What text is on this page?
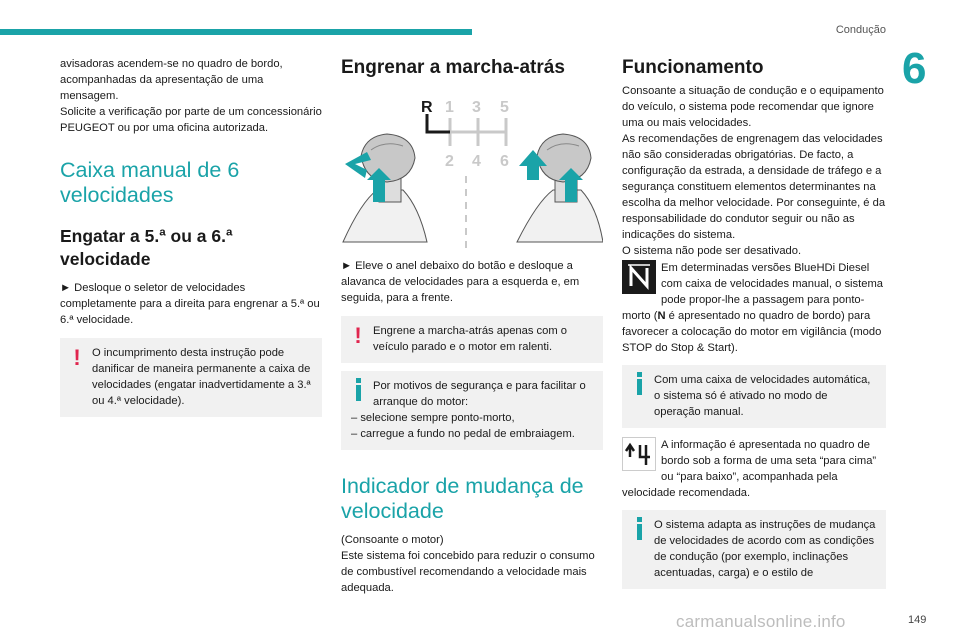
Condução
6

avisadoras acendem-se no quadro de bordo, acompanhadas da apresentação de uma mensagem.

Solicite a verificação por parte de um concessionário PEUGEOT ou por uma oficina autorizada.

Caixa manual de 6 velocidades
Engatar a 5.ª ou a 6.ª velocidade

► Desloque o seletor de velocidades completamente para a direita para engrenar a 5.ª ou 6.ª velocidade.

! O incumprimento desta instrução pode danificar de maneira permanente a caixa de velocidades (engatar inadvertidamente a 3.ª ou 4.ª velocidade).
Engrenar a marcha-atrás
R 1 3 5
2 4 6

► Eleve o anel debaixo do botão e desloque a alavanca de velocidades para a esquerda e, em seguida, para a frente.

! Engrene a marcha-atrás apenas com o veículo parado e o motor em ralenti.

Por motivos de segurança e para facilitar o arranque do motor:

– selecione sempre ponto-morto,

– carregue a fundo no pedal de embraiagem.

Indicador de mudança de velocidade

(Consoante o motor)

Este sistema foi concebido para reduzir o consumo de combustível recomendando a velocidade mais adequada.

Funcionamento

Consoante a situação de condução e o equipamento do veículo, o sistema pode recomendar que ignore uma ou mais velocidades.

As recomendações de engrenagem das velocidades não são consideradas obrigatórias. De facto, a configuração da estrada, a densidade de tráfego e a segurança constituem elementos determinantes na escolha da melhor velocidade. Por conseguinte, é da responsabilidade do condutor seguir ou não as indicações do sistema.

O sistema não pode ser desativado.

Em determinadas versões BlueHDi Diesel com caixa de velocidades manual, o sistema pode propor-lhe a passagem para ponto-morto (N é apresentado no quadro de bordo) para favorecer a colocação do motor em vigilância (modo STOP do Stop & Start).

Com uma caixa de velocidades automática, o sistema só é ativado no modo de operação manual.

A informação é apresentada no quadro de bordo sob a forma de uma seta “para cima” ou “para baixo”, acompanhada pela velocidade recomendada.

O sistema adapta as instruções de mudança de velocidades de acordo com as condições de condução (por exemplo, inclinações acentuadas, carga) e o estilo de
carmanualsonline.info	149
